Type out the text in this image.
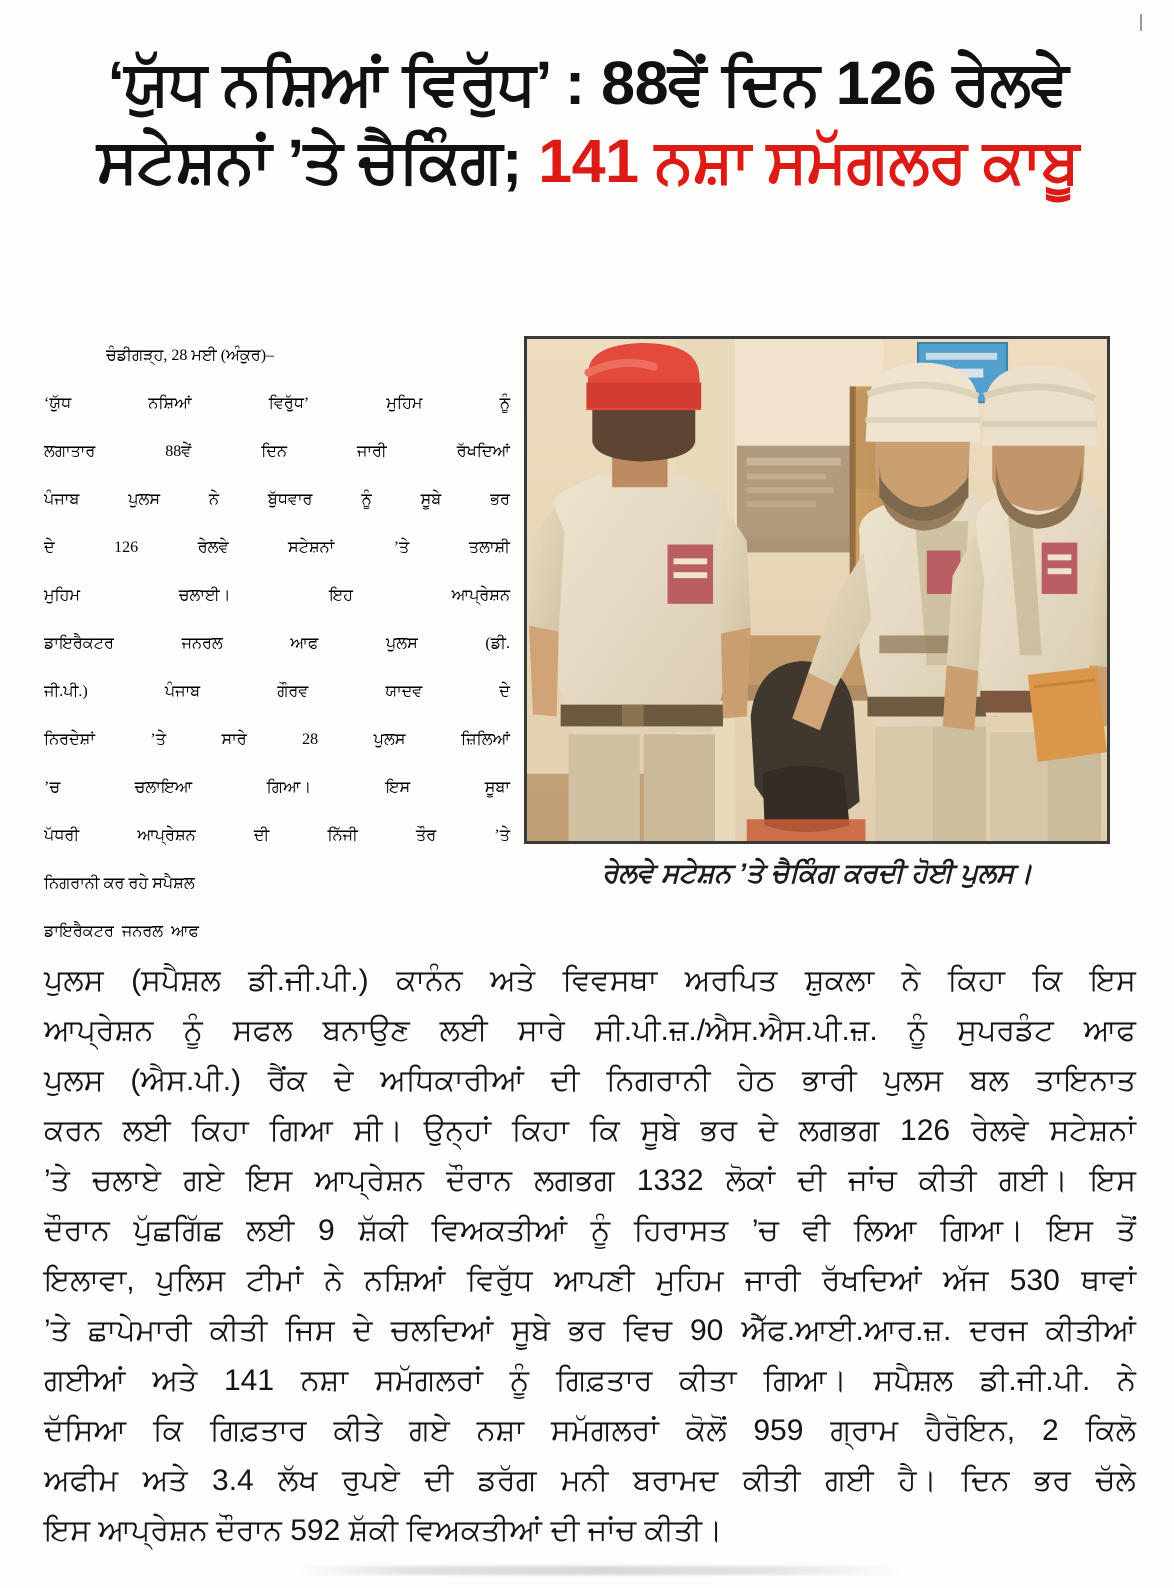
‘ਯੁੱਧ ਨਸ਼ਿਆਂ ਵਿਰੁੱਧ’ : 88ਵੇਂ ਦਿਨ 126 ਰੇਲਵੇ
ਸਟੇਸ਼ਨਾਂ ’ਤੇ ਚੈਕਿੰਗ; 141 ਨਸ਼ਾ ਸਮੱਗਲਰ ਕਾਬੂ
ਰੇਲਵੇ ਸਟੇਸ਼ਨ ’ਤੇ ਚੈਕਿੰਗ ਕਰਦੀ ਹੋਈ ਪੁਲਸ।
ਚੰਡੀਗੜ੍ਹ, 28 ਮਈ (ਅੰਕੁਰ)–
‘ਯੁੱਧ	ਨਸ਼ਿਆਂ	ਵਿਰੁੱਧ’	ਮੁਹਿਮ	ਨੂੰ
ਲਗਾਤਾਰ	88ਵੇਂ	ਦਿਨ	ਜਾਰੀ	ਰੱਖਦਿਆਂ
ਪੰਜਾਬ	ਪੁਲਸ	ਨੇ	ਬੁੱਧਵਾਰ	ਨੂੰ	ਸੂਬੇ	ਭਰ
ਦੇ	126	ਰੇਲਵੇ	ਸਟੇਸ਼ਨਾਂ	’ਤੇ	ਤਲਾਸ਼ੀ
ਮੁਹਿਮ	ਚਲਾਈ।	ਇਹ	ਆਪ੍ਰੇਸ਼ਨ
ਡਾਇਰੈਕਟਰ	ਜਨਰਲ	ਆਫ	ਪੁਲਸ	(ਡੀ.
ਜੀ.ਪੀ.)	ਪੰਜਾਬ	ਗੌਰਵ	ਯਾਦਵ	ਦੇ
ਨਿਰਦੇਸ਼ਾਂ	’ਤੇ	ਸਾਰੇ	28	ਪੁਲਸ	ਜ਼ਿਲਿਆਂ
’ਚ	ਚਲਾਇਆ	ਗਿਆ।	ਇਸ	ਸੂਬਾ
ਪੱਧਰੀ	ਆਪ੍ਰੇਸ਼ਨ	ਦੀ	ਨਿੱਜੀ	ਤੌਰ	’ਤੇ
ਨਿਗਰਾਨੀ
ਕਰ
ਰਹੇ
ਸਪੈਸ਼ਲ
ਡਾਇਰੈਕਟਰ
ਜਨਰਲ
ਆਫ
ਪੁਲਸ (ਸਪੈਸ਼ਲ ਡੀ.ਜੀ.ਪੀ.) ਕਾਨੰਨ ਅਤੇ ਵਿਵਸਥਾ ਅਰਪਿਤ ਸ਼ੁਕਲਾ ਨੇ ਕਿਹਾ ਕਿ ਇਸ
ਆਪ੍ਰੇਸ਼ਨ ਨੂੰ ਸਫਲ ਬਨਾਉਣ ਲਈ ਸਾਰੇ ਸੀ.ਪੀ.ਜ਼./ਐਸ.ਐਸ.ਪੀ.ਜ਼. ਨੂੰ ਸੁਪਰਡੰਟ ਆਫ
ਪੁਲਸ (ਐਸ.ਪੀ.) ਰੈਂਕ ਦੇ ਅਧਿਕਾਰੀਆਂ ਦੀ ਨਿਗਰਾਨੀ ਹੇਠ ਭਾਰੀ ਪੁਲਸ ਬਲ ਤਾਇਨਾਤ
ਕਰਨ ਲਈ ਕਿਹਾ ਗਿਆ ਸੀ। ਉਨ੍ਹਾਂ ਕਿਹਾ ਕਿ ਸੂਬੇ ਭਰ ਦੇ ਲਗਭਗ 126 ਰੇਲਵੇ ਸਟੇਸ਼ਨਾਂ
’ਤੇ ਚਲਾਏ ਗਏ ਇਸ ਆਪ੍ਰੇਸ਼ਨ ਦੌਰਾਨ ਲਗਭਗ 1332 ਲੋਕਾਂ ਦੀ ਜਾਂਚ ਕੀਤੀ ਗਈ। ਇਸ
ਦੌਰਾਨ ਪੁੱਛਗਿੱਛ ਲਈ 9 ਸ਼ੱਕੀ ਵਿਅਕਤੀਆਂ ਨੂੰ ਹਿਰਾਸਤ ’ਚ ਵੀ ਲਿਆ ਗਿਆ। ਇਸ ਤੋਂ
ਇਲਾਵਾ, ਪੁਲਿਸ ਟੀਮਾਂ ਨੇ ਨਸ਼ਿਆਂ ਵਿਰੁੱਧ ਆਪਣੀ ਮੁਹਿਮ ਜਾਰੀ ਰੱਖਦਿਆਂ ਅੱਜ 530 ਥਾਵਾਂ
’ਤੇ ਛਾਪੇਮਾਰੀ ਕੀਤੀ ਜਿਸ ਦੇ ਚਲਦਿਆਂ ਸੂਬੇ ਭਰ ਵਿਚ 90 ਐੱਫ.ਆਈ.ਆਰ.ਜ਼. ਦਰਜ ਕੀਤੀਆਂ
ਗਈਆਂ ਅਤੇ 141 ਨਸ਼ਾ ਸਮੱਗਲਰਾਂ ਨੂੰ ਗਿਫ਼ਤਾਰ ਕੀਤਾ ਗਿਆ। ਸਪੈਸ਼ਲ ਡੀ.ਜੀ.ਪੀ. ਨੇ
ਦੱਸਿਆ ਕਿ ਗਿਫ਼ਤਾਰ ਕੀਤੇ ਗਏ ਨਸ਼ਾ ਸਮੱਗਲਰਾਂ ਕੋਲੋਂ 959 ਗ੍ਰਾਮ ਹੈਰੋਇਨ, 2 ਕਿਲੋ
ਅਫੀਮ ਅਤੇ 3.4 ਲੱਖ ਰੁਪਏ ਦੀ ਡਰੱਗ ਮਨੀ ਬਰਾਮਦ ਕੀਤੀ ਗਈ ਹੈ। ਦਿਨ ਭਰ ਚੱਲੇ
ਇਸ
ਆਪ੍ਰੇਸ਼ਨ
ਦੌਰਾਨ
592
ਸ਼ੱਕੀ
ਵਿਅਕਤੀਆਂ
ਦੀ
ਜਾਂਚ
ਕੀਤੀ।
